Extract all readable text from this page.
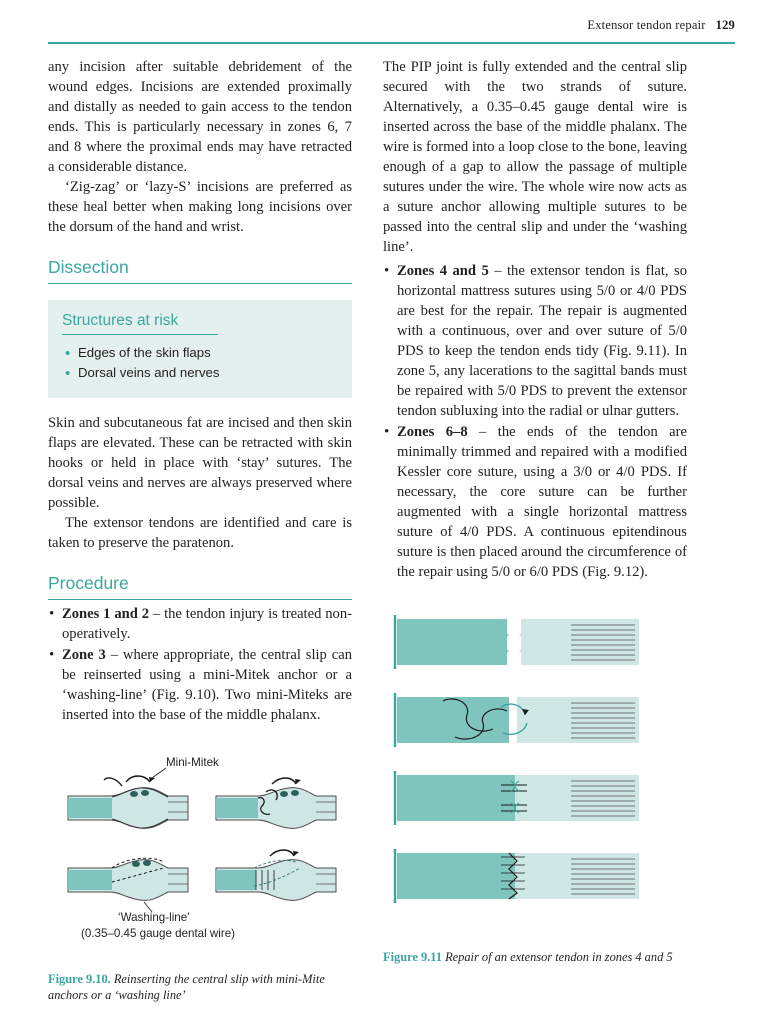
Extensor tendon repair 129

any incision after suitable debridement of the wound edges. Incisions are extended proximally and distally as needed to gain access to the tendon ends. This is particularly necessary in zones 6, 7 and 8 where the proximal ends may have retracted a considerable distance.

‘Zig-zag’ or ‘lazy-S’ incisions are preferred as these heal better when making long incisions over the dorsum of the hand and wrist.

Dissection
Structures at risk
• Edges of the skin flaps
• Dorsal veins and nerves

Skin and subcutaneous fat are incised and then skin flaps are elevated. These can be retracted with skin hooks or held in place with ‘stay’ sutures. The dorsal veins and nerves are always preserved where possible.

The extensor tendons are identified and care is taken to preserve the paratenon.

Procedure
• Zones 1 and 2 – the tendon injury is treated non-operatively.
• Zone 3 – where appropriate, the central slip can be reinserted using a mini-Mitek anchor or a ‘washing-line’ (Fig. 9.10). Two mini-Miteks are inserted into the base of the middle phalanx.
Mini-Mitek
‘Washing-line’
(0.35–0.45 gauge dental wire)
Figure 9.10. Reinserting the central slip with mini-Mite anchors or a ‘washing line’

The PIP joint is fully extended and the central slip secured with the two strands of suture. Alternatively, a 0.35–0.45 gauge dental wire is inserted across the base of the middle phalanx. The wire is formed into a loop close to the bone, leaving enough of a gap to allow the passage of multiple sutures under the wire. The whole wire now acts as a suture anchor allowing multiple sutures to be passed into the central slip and under the ‘washing line’.

• Zones 4 and 5 – the extensor tendon is flat, so horizontal mattress sutures using 5/0 or 4/0 PDS are best for the repair. The repair is augmented with a continuous, over and over suture of 5/0 PDS to keep the tendon ends tidy (Fig. 9.11). In zone 5, any lacerations to the sagittal bands must be repaired with 5/0 PDS to prevent the extensor tendon subluxing into the radial or ulnar gutters.
• Zones 6–8 – the ends of the tendon are minimally trimmed and repaired with a modified Kessler core suture, using a 3/0 or 4/0 PDS. If necessary, the core suture can be further augmented with a single horizontal mattress suture of 4/0 PDS. A continuous epitendinous suture is then placed around the circumference of the repair using 5/0 or 6/0 PDS (Fig. 9.12).
Figure 9.11 Repair of an extensor tendon in zones 4 and 5
